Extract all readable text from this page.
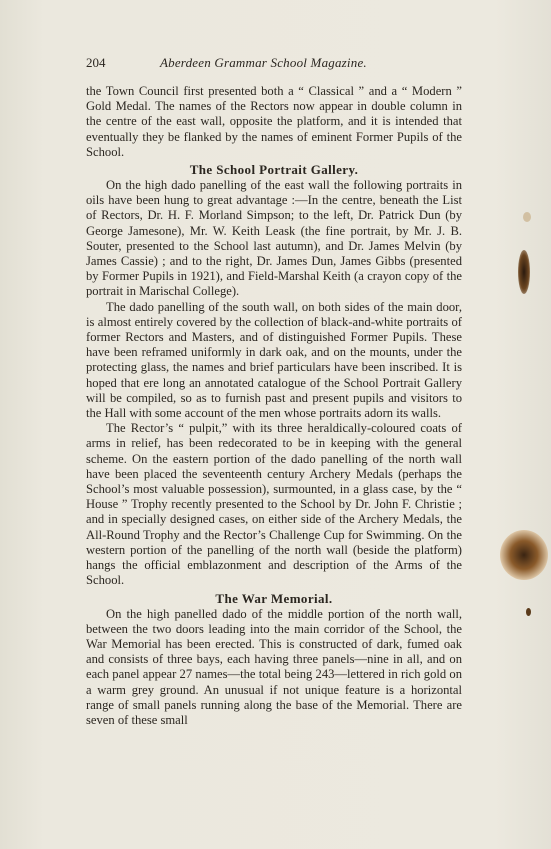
204	Aberdeen Grammar School Magazine.

the Town Council first presented both a “ Classical ” and a “ Modern ” Gold Medal. The names of the Rectors now appear in double column in the centre of the east wall, opposite the platform, and it is intended that eventually they be flanked by the names of eminent Former Pupils of the School.

The School Portrait Gallery.

On the high dado panelling of the east wall the following portraits in oils have been hung to great advantage :—In the centre, beneath the List of Rectors, Dr. H. F. Morland Simpson; to the left, Dr. Patrick Dun (by George Jamesone), Mr. W. Keith Leask (the fine portrait, by Mr. J. B. Souter, presented to the School last autumn), and Dr. James Melvin (by James Cassie) ; and to the right, Dr. James Dun, James Gibbs (presented by Former Pupils in 1921), and Field-Marshal Keith (a crayon copy of the portrait in Marischal College).

The dado panelling of the south wall, on both sides of the main door, is almost entirely covered by the collection of black-and-white portraits of former Rectors and Masters, and of distinguished Former Pupils. These have been reframed uniformly in dark oak, and on the mounts, under the protecting glass, the names and brief particulars have been inscribed. It is hoped that ere long an annotated catalogue of the School Portrait Gallery will be compiled, so as to furnish past and present pupils and visitors to the Hall with some account of the men whose portraits adorn its walls.

The Rector’s “ pulpit,” with its three heraldically-coloured coats of arms in relief, has been redecorated to be in keeping with the general scheme. On the eastern portion of the dado panelling of the north wall have been placed the seventeenth century Archery Medals (perhaps the School’s most valuable possession), surmounted, in a glass case, by the “ House ” Trophy recently presented to the School by Dr. John F. Christie ; and in specially designed cases, on either side of the Archery Medals, the All-Round Trophy and the Rector’s Challenge Cup for Swimming. On the western portion of the panelling of the north wall (beside the platform) hangs the official emblazonment and description of the Arms of the School.

The War Memorial.

On the high panelled dado of the middle portion of the north wall, between the two doors leading into the main corridor of the School, the War Memorial has been erected. This is constructed of dark, fumed oak and consists of three bays, each having three panels—nine in all, and on each panel appear 27 names—the total being 243—lettered in rich gold on a warm grey ground. An unusual if not unique feature is a horizontal range of small panels running along the base of the Memorial. There are seven of these small
